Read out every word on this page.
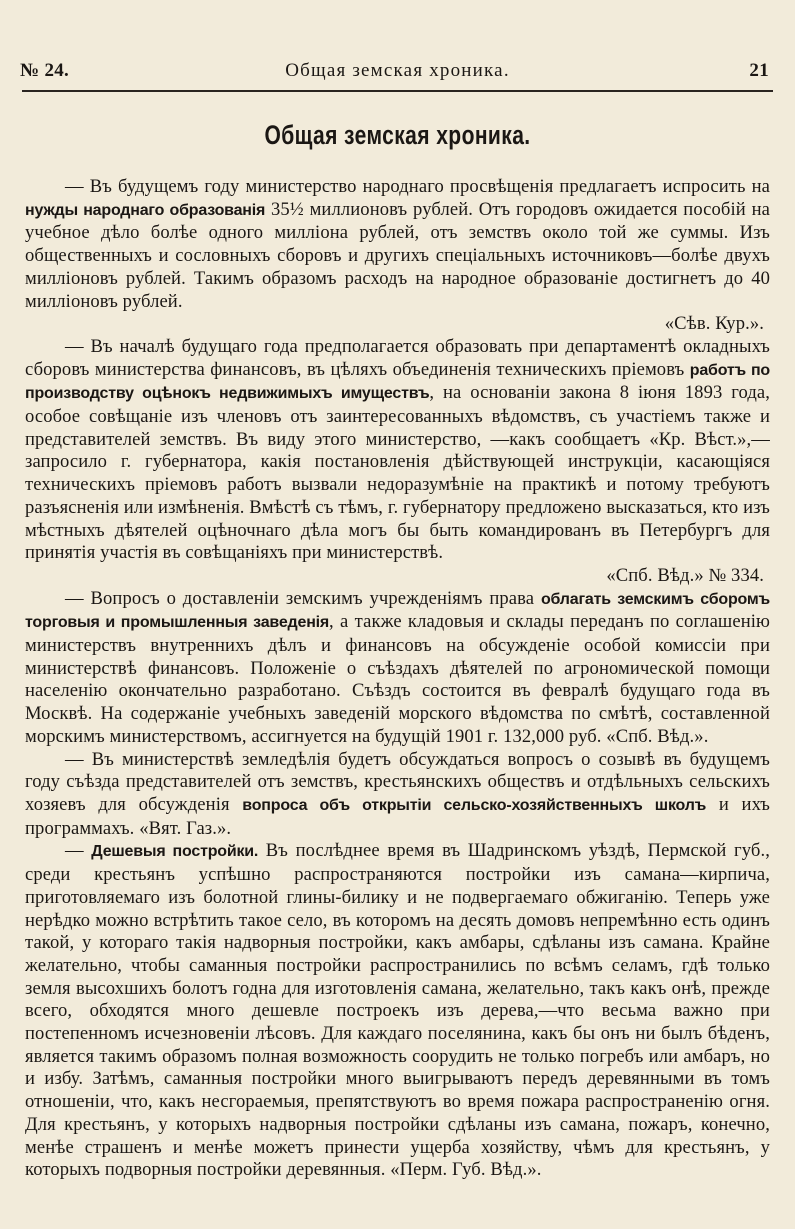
№ 24.	Общая земская хроника.	21
Общая земская хроника.

— Въ будущемъ году министерство народнаго просвѣщенія предлагаетъ испросить на нужды народнаго образованія 35½ миллионовъ рублей. Отъ городовъ ожидается пособій на учебное дѣло болѣе одного милліона рублей, отъ земствъ около той же суммы. Изъ общественныхъ и сословныхъ сборовъ и другихъ спеціальныхъ источниковъ—болѣе двухъ милліоновъ рублей. Такимъ образомъ расходъ на народное образованіе достигнетъ до 40 милліоновъ рублей.

«Сѣв. Кур.».

— Въ началѣ будущаго года предполагается образовать при департаментѣ окладныхъ сборовъ министерства финансовъ, въ цѣляхъ объединенія техническихъ пріемовъ работъ по производству оцѣнокъ недвижимыхъ имуществъ, на основаніи закона 8 іюня 1893 года, особое совѣщаніе изъ членовъ отъ заинтересованныхъ вѣдомствъ, съ участіемъ также и представителей земствъ. Въ виду этого министерство, —какъ сообщаетъ «Кр. Вѣст.»,—запросило г. губернатора, какія постановленія дѣйствующей инструкціи, касающіяся техническихъ пріемовъ работъ вызвали недоразумѣніе на практикѣ и потому требуютъ разъясненія или измѣненія. Вмѣстѣ съ тѣмъ, г. губернатору предложено высказаться, кто изъ мѣстныхъ дѣятелей оцѣночнаго дѣла могъ бы быть командированъ въ Петербургъ для принятія участія въ совѣщаніяхъ при министерствѣ.

«Спб. Вѣд.» № 334.

— Вопросъ о доставленіи земскимъ учрежденіямъ права облагать земскимъ сборомъ торговыя и промышленныя заведенія, а также кладовыя и склады переданъ по соглашенію министерствъ внутреннихъ дѣлъ и финансовъ на обсужденіе особой комиссіи при министерствѣ финансовъ. Положеніе о съѣздахъ дѣятелей по агрономической помощи населенію окончательно разработано. Съѣздъ состоится въ февралѣ будущаго года въ Москвѣ. На содержаніе учебныхъ заведеній морского вѣдомства по смѣтѣ, составленной морскимъ министерствомъ, ассигнуется на будущій 1901 г. 132,000 руб. «Спб. Вѣд.».

— Въ министерствѣ земледѣлія будетъ обсуждаться вопросъ о созывѣ въ будущемъ году съѣзда представителей отъ земствъ, крестьянскихъ обществъ и отдѣльныхъ сельскихъ хозяевъ для обсужденія вопроса объ открытіи сельско-хозяйственныхъ школъ и ихъ программахъ. «Вят. Газ.».

— Дешевыя постройки. Въ послѣднее время въ Шадринскомъ уѣздѣ, Пермской губ., среди крестьянъ успѣшно распространяются постройки изъ самана—кирпича, приготовляемаго изъ болотной глины-билику и не подвергаемаго обжиганію. Теперь уже нерѣдко можно встрѣтить такое село, въ которомъ на десять домовъ непремѣнно есть одинъ такой, у котораго такія надворныя постройки, какъ амбары, сдѣланы изъ самана. Крайне желательно, чтобы саманныя постройки распространились по всѣмъ селамъ, гдѣ только земля высохшихъ болотъ годна для изготовленія самана, желательно, такъ какъ онѣ, прежде всего, обходятся много дешевле построекъ изъ дерева,—что весьма важно при постепенномъ исчезновеніи лѣсовъ. Для каждаго поселянина, какъ бы онъ ни былъ бѣденъ, является такимъ образомъ полная возможность соорудить не только погребъ или амбаръ, но и избу. Затѣмъ, саманныя постройки много выигрываютъ передъ деревянными въ томъ отношеніи, что, какъ несгораемыя, препятствуютъ во время пожара распространенію огня. Для крестьянъ, у которыхъ надворныя постройки сдѣланы изъ самана, пожаръ, конечно, менѣе страшенъ и менѣе можетъ принести ущерба хозяйству, чѣмъ для крестьянъ, у которыхъ подворныя постройки деревянныя. «Перм. Губ. Вѣд.».
